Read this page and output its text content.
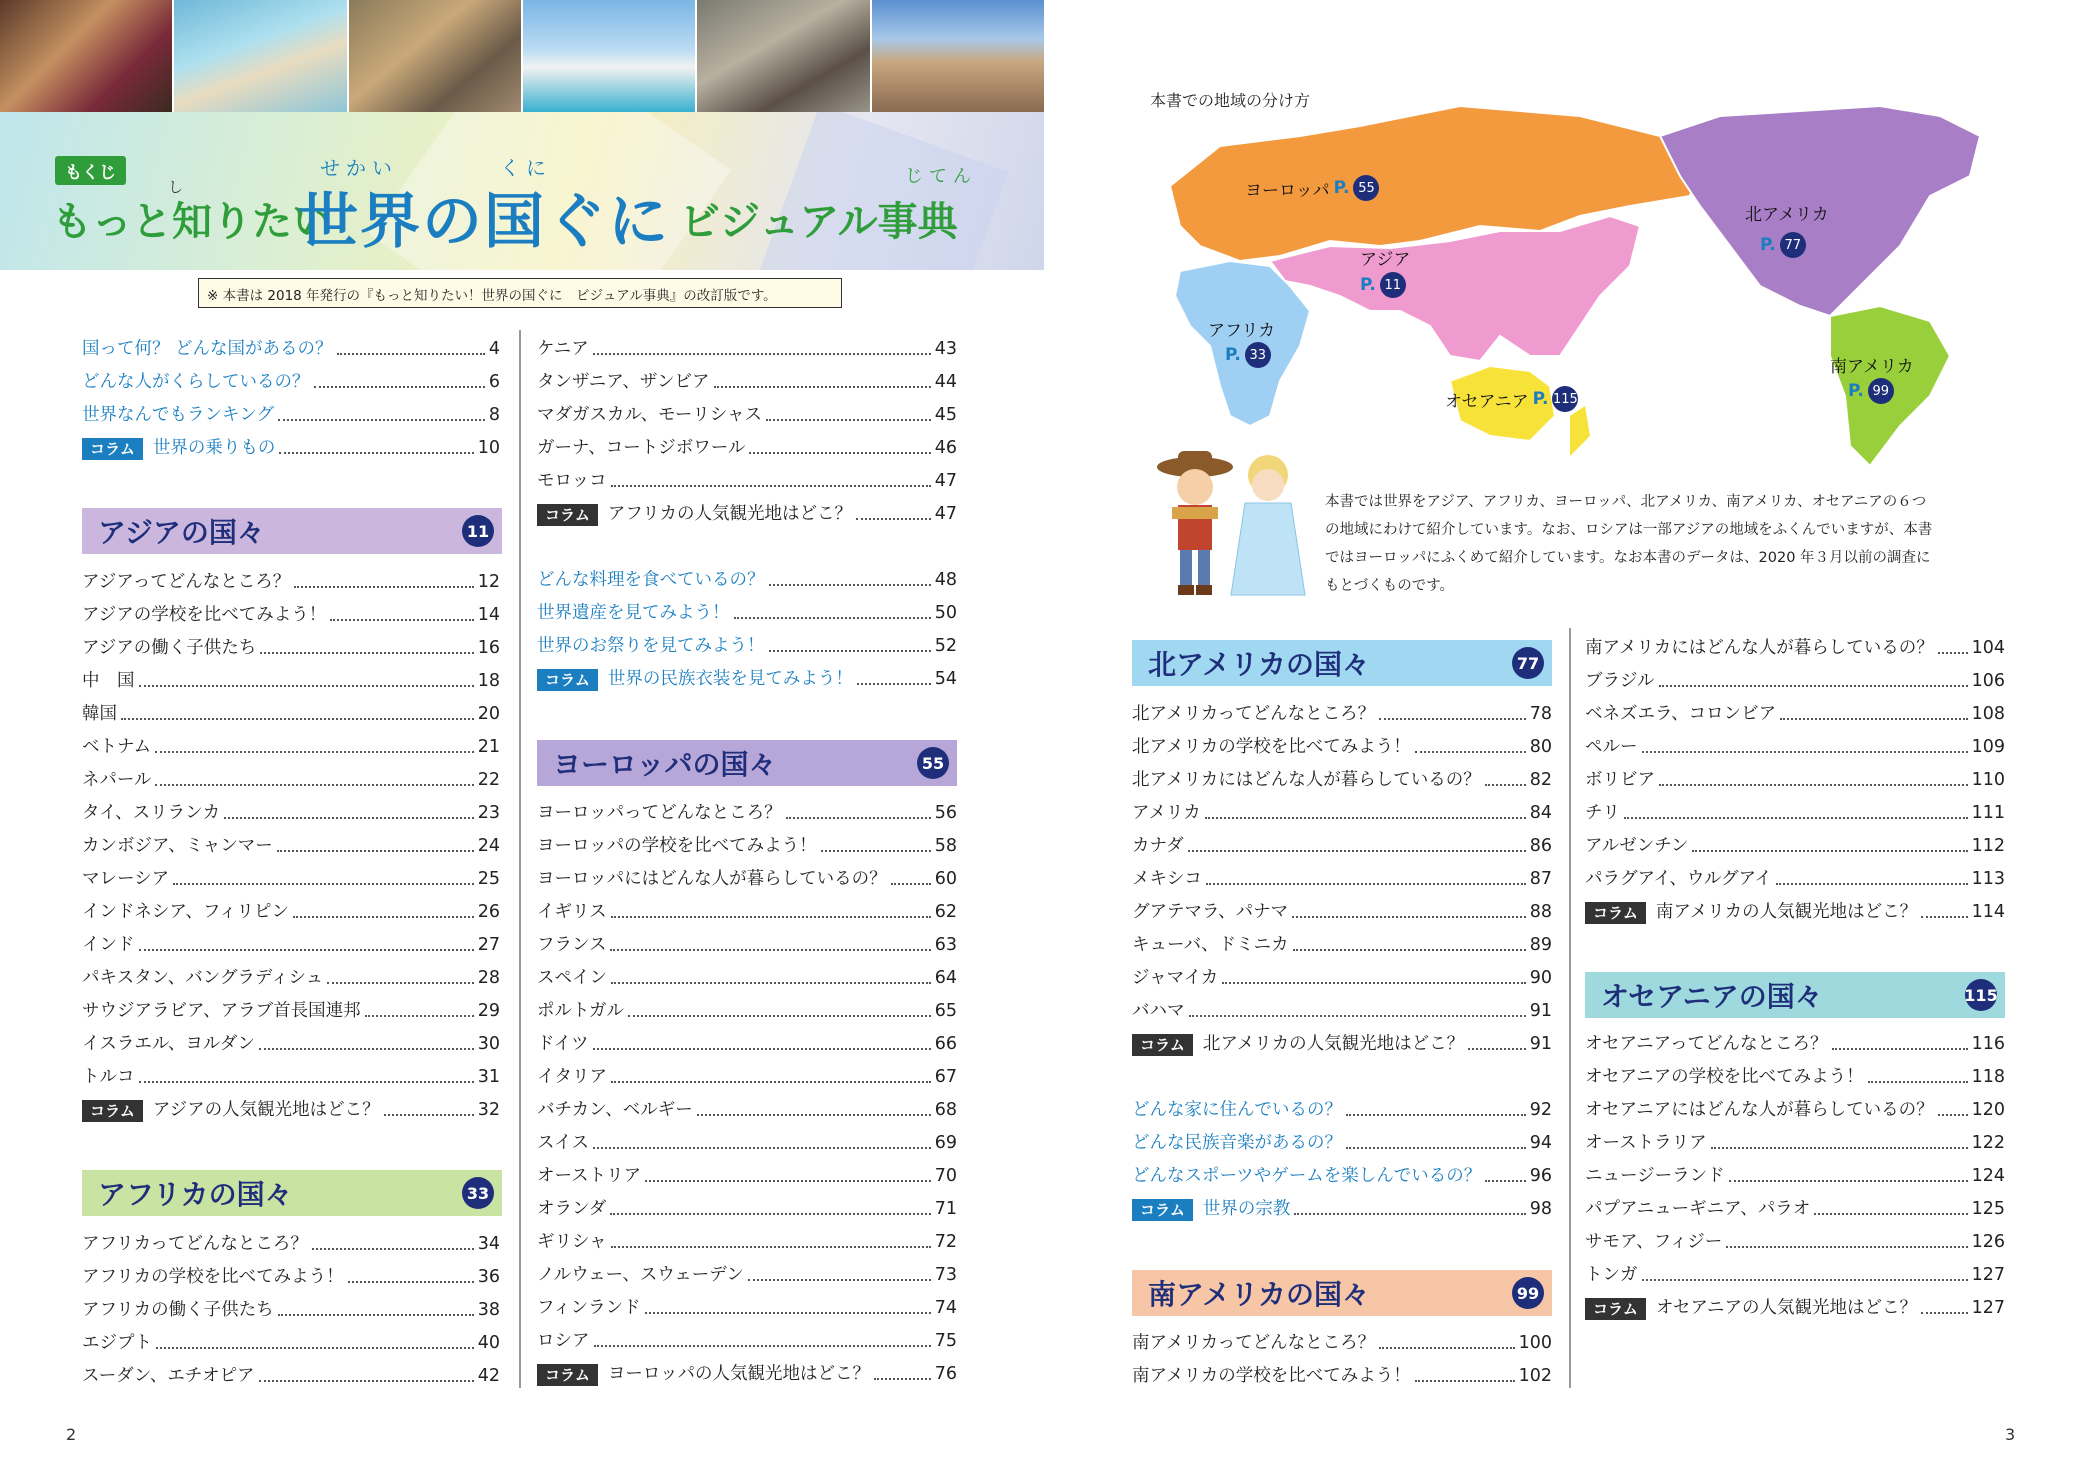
もくじ
し
せかい	くに	じてん
もっと知りたい
世界の国ぐに ビジュアル事典
※ 本書は 2018 年発行の『もっと知りたい！世界の国ぐに　ビジュアル事典』の改訂版です。
国って何？ どんな国があるの？	4
どんな人がくらしているの？	6
世界なんでもランキング	8
コラム	世界の乗りもの	10
アジアの国々	11
アジアってどんなところ？	12
アジアの学校を比べてみよう！	14
アジアの働く子供たち	16
中　国	18
韓国	20
ベトナム	21
ネパール	22
タイ、スリランカ	23
カンボジア、ミャンマー	24
マレーシア	25
インドネシア、フィリピン	26
インド	27
パキスタン、バングラディシュ	28
サウジアラビア、アラブ首長国連邦	29
イスラエル、ヨルダン	30
トルコ	31
コラム	アジアの人気観光地はどこ？	32
アフリカの国々	33
アフリカってどんなところ？	34
アフリカの学校を比べてみよう！	36
アフリカの働く子供たち	38
エジプト	40
スーダン、エチオピア	42
ケニア	43
タンザニア、ザンビア	44
マダガスカル、モーリシャス	45
ガーナ、コートジボワール	46
モロッコ	47
コラム	アフリカの人気観光地はどこ？	47
どんな料理を食べているの？	48
世界遺産を見てみよう！	50
世界のお祭りを見てみよう！	52
コラム	世界の民族衣装を見てみよう！	54
ヨーロッパの国々	55
ヨーロッパってどんなところ？	56
ヨーロッパの学校を比べてみよう！	58
ヨーロッパにはどんな人が暮らしているの？	60
イギリス	62
フランス	63
スペイン	64
ポルトガル	65
ドイツ	66
イタリア	67
バチカン、ベルギー	68
スイス	69
オーストリア	70
オランダ	71
ギリシャ	72
ノルウェー、スウェーデン	73
フィンランド	74
ロシア	75
コラム	ヨーロッパの人気観光地はどこ？	76
本書での地域の分け方
ヨーロッパ P. 55
アジア
P. 11
アフリカ
P. 33
オセアニア P. 115
北アメリカ
P. 77
南アメリカ
P. 99
本書では世界をアジア、アフリカ、ヨーロッパ、北アメリカ、南アメリカ、オセアニアの６つ
の地域にわけて紹介しています。なお、ロシアは一部アジアの地域をふくんでいますが、本書
ではヨーロッパにふくめて紹介しています。なお本書のデータは、2020 年３月以前の調査に
もとづくものです。
北アメリカの国々	77
北アメリカってどんなところ？	78
北アメリカの学校を比べてみよう！	80
北アメリカにはどんな人が暮らしているの？	82
アメリカ	84
カナダ	86
メキシコ	87
グアテマラ、パナマ	88
キューバ、ドミニカ	89
ジャマイカ	90
バハマ	91
コラム	北アメリカの人気観光地はどこ？	91
どんな家に住んでいるの？	92
どんな民族音楽があるの？	94
どんなスポーツやゲームを楽しんでいるの？	96
コラム	世界の宗教	98
南アメリカの国々	99
南アメリカってどんなところ？	100
南アメリカの学校を比べてみよう！	102
南アメリカにはどんな人が暮らしているの？ 104
ブラジル	106
ベネズエラ、コロンビア	108
ペルー	109
ボリビア	110
チリ	111
アルゼンチン	112
パラグアイ、ウルグアイ	113
コラム	南アメリカの人気観光地はどこ？	114
オセアニアの国々	115
オセアニアってどんなところ？	116
オセアニアの学校を比べてみよう！	118
オセアニアにはどんな人が暮らしているの？ 120
オーストラリア	122
ニュージーランド	124
パプアニューギニア、パラオ	125
サモア、フィジー	126
トンガ	127
コラム	オセアニアの人気観光地はどこ？	127
2	3
